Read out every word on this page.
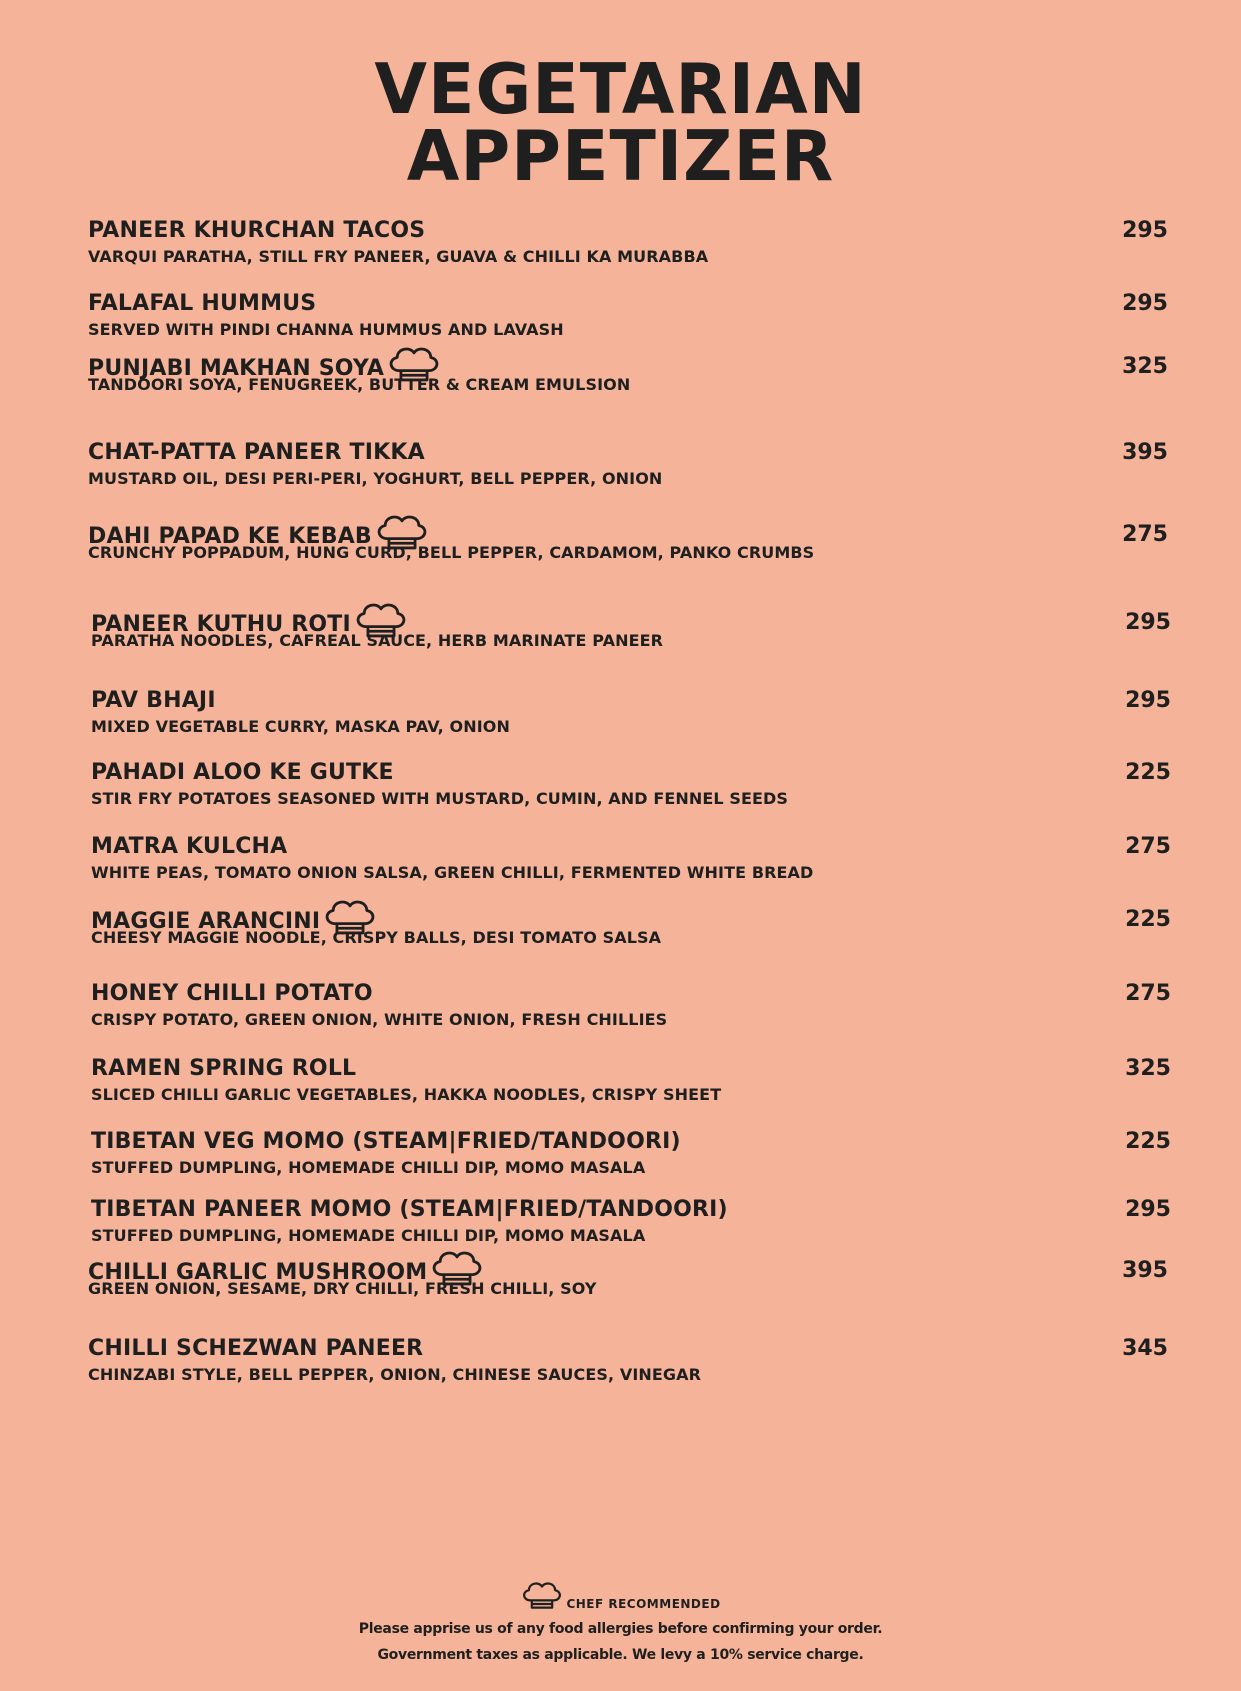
VEGETARIAN
APPETIZER
PANEER KHURCHAN TACOS	295
VARQUI PARATHA, STILL FRY PANEER, GUAVA & CHILLI KA MURABBA
FALAFAL HUMMUS	295
SERVED WITH PINDI CHANNA HUMMUS AND LAVASH
PUNJABI MAKHAN SOYA	325
TANDOORI SOYA, FENUGREEK, BUTTER & CREAM EMULSION
CHAT-PATTA PANEER TIKKA	395
MUSTARD OIL, DESI PERI-PERI, YOGHURT, BELL PEPPER, ONION
DAHI PAPAD KE KEBAB	275
CRUNCHY POPPADUM, HUNG CURD, BELL PEPPER, CARDAMOM, PANKO CRUMBS
PANEER KUTHU ROTI	295
PARATHA NOODLES, CAFREAL SAUCE, HERB MARINATE PANEER
PAV BHAJI	295
MIXED VEGETABLE CURRY, MASKA PAV, ONION
PAHADI ALOO KE GUTKE	225
STIR FRY POTATOES SEASONED WITH MUSTARD, CUMIN, AND FENNEL SEEDS
MATRA KULCHA	275
WHITE PEAS, TOMATO ONION SALSA, GREEN CHILLI, FERMENTED WHITE BREAD
MAGGIE ARANCINI	225
CHEESY MAGGIE NOODLE, CRISPY BALLS, DESI TOMATO SALSA
HONEY CHILLI POTATO	275
CRISPY POTATO, GREEN ONION, WHITE ONION, FRESH CHILLIES
RAMEN SPRING ROLL	325
SLICED CHILLI GARLIC VEGETABLES, HAKKA NOODLES, CRISPY SHEET
TIBETAN VEG MOMO (STEAM|FRIED/TANDOORI)	225
STUFFED DUMPLING, HOMEMADE CHILLI DIP, MOMO MASALA
TIBETAN PANEER MOMO (STEAM|FRIED/TANDOORI)	295
STUFFED DUMPLING, HOMEMADE CHILLI DIP, MOMO MASALA
CHILLI GARLIC MUSHROOM	395
GREEN ONION, SESAME, DRY CHILLI, FRESH CHILLI, SOY
CHILLI SCHEZWAN PANEER	345
CHINZABI STYLE, BELL PEPPER, ONION, CHINESE SAUCES, VINEGAR
CHEF RECOMMENDED
Please apprise us of any food allergies before confirming your order.
Government taxes as applicable. We levy a 10% service charge.
